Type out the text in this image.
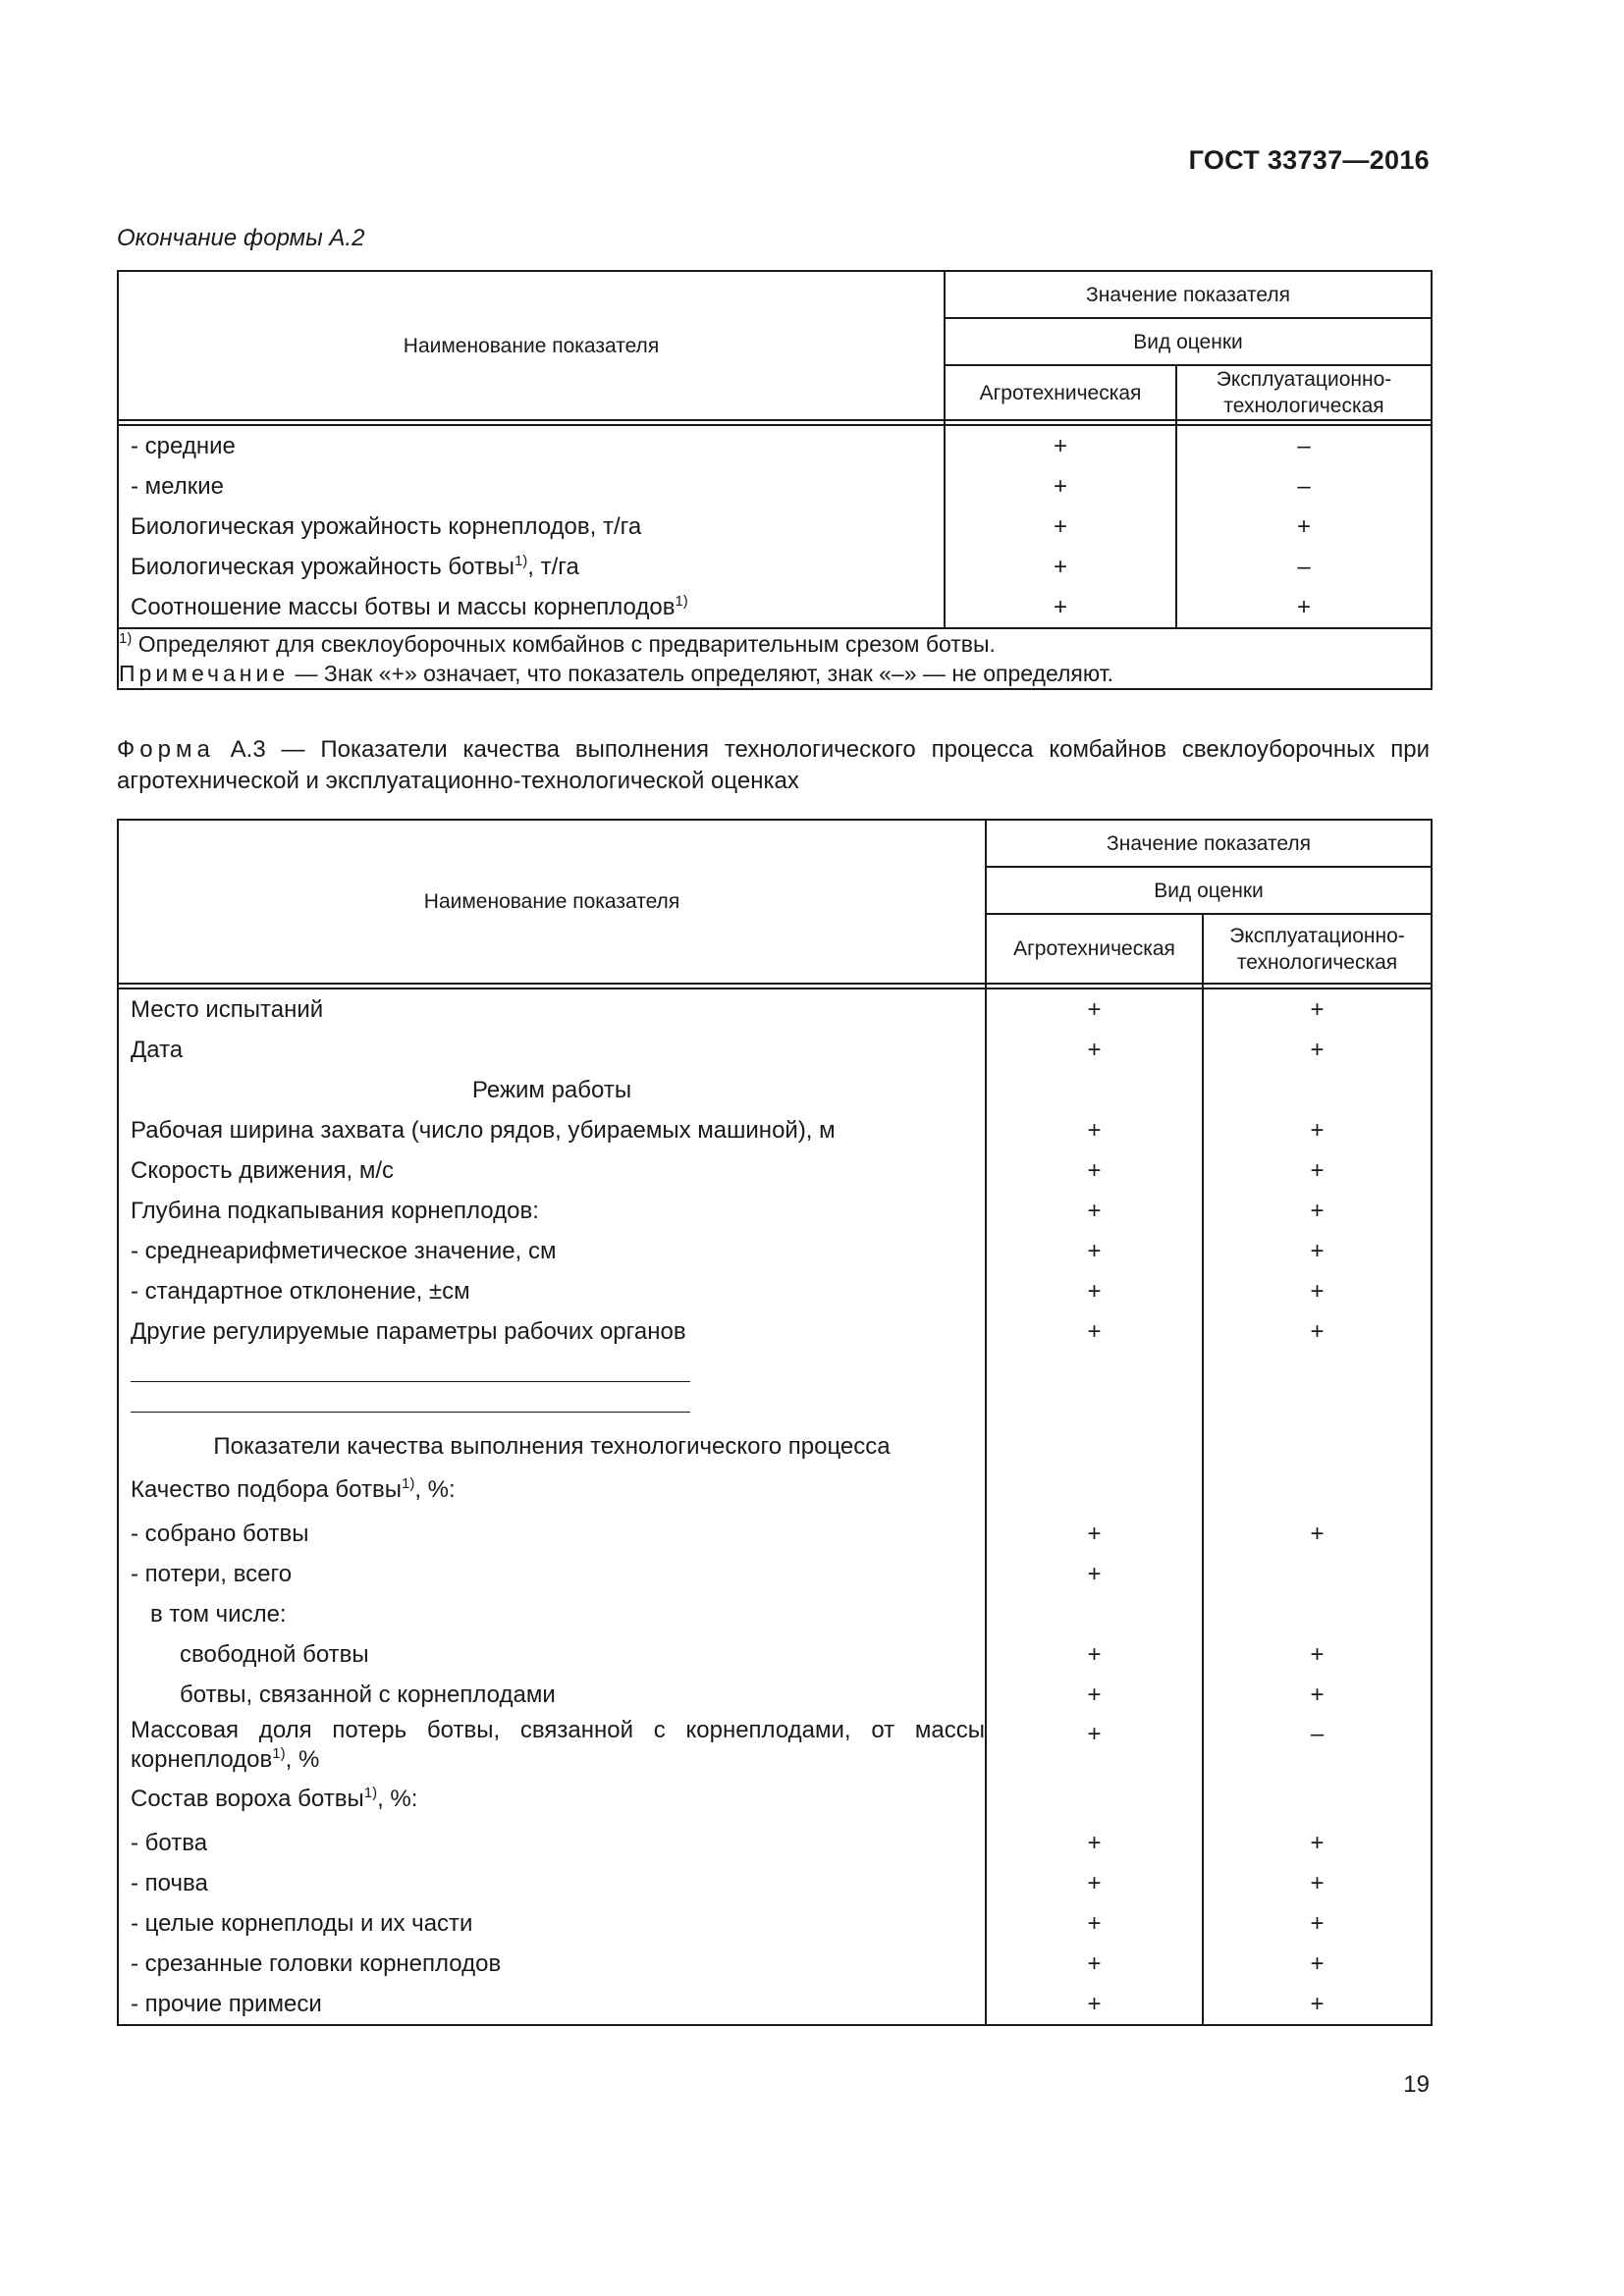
ГОСТ 33737—2016
Окончание формы А.2
Наименование показателя	Значение показателя	
	Вид оценки	
	Агротехническая	Эксплуатационно-
технологическая

- средние	+	–
- мелкие	+	–
Биологическая урожайность корнеплодов, т/га	+	+
Биологическая урожайность ботвы$^{1)}$, т/га	+	–
Соотношение массы ботвы и массы корнеплодов$^{1)}$	+	+

$^{1)}$ Определяют для свеклоуборочных комбайнов с предварительным срезом ботвы.
Примечание — Знак «+» означает, что показатель определяют, знак «–» — не определяют.		
Форма А.3 — Показатели качества выполнения технологического процесса комбайнов свеклоуборочных при агротехнической и эксплуатационно-технологической оценках
Наименование показателя	Значение показателя	
	Вид оценки	
	Агротехническая	Эксплуатационно-
технологическая

Место испытаний	+	+
Дата	+	+
Режим работы		
Рабочая ширина захвата (число рядов, убираемых машиной), м	+	+
Скорость движения, м/с	+	+
Глубина подкапывания корнеплодов:	+	+
- среднеарифметическое значение, см	+	+
- стандартное отклонение, ±см	+	+
Другие регулируемые параметры рабочих органов	+	+

Показатели качества выполнения технологического процесса		
Качество подбора ботвы$^{1)}$, %:		
- собрано ботвы	+	+
- потери, всего	+	
в том числе:		
свободной ботвы	+	+
ботвы, связанной с корнеплодами	+	+
Массовая доля потерь ботвы, связанной с корнеплодами, от массы корнеплодов$^{1)}$, %	+	–
Состав вороха ботвы$^{1)}$, %:		
- ботва	+	+
- почва	+	+
- целые корнеплоды и их части	+	+
- срезанные головки корнеплодов	+	+
- прочие примеси	+	+
19
